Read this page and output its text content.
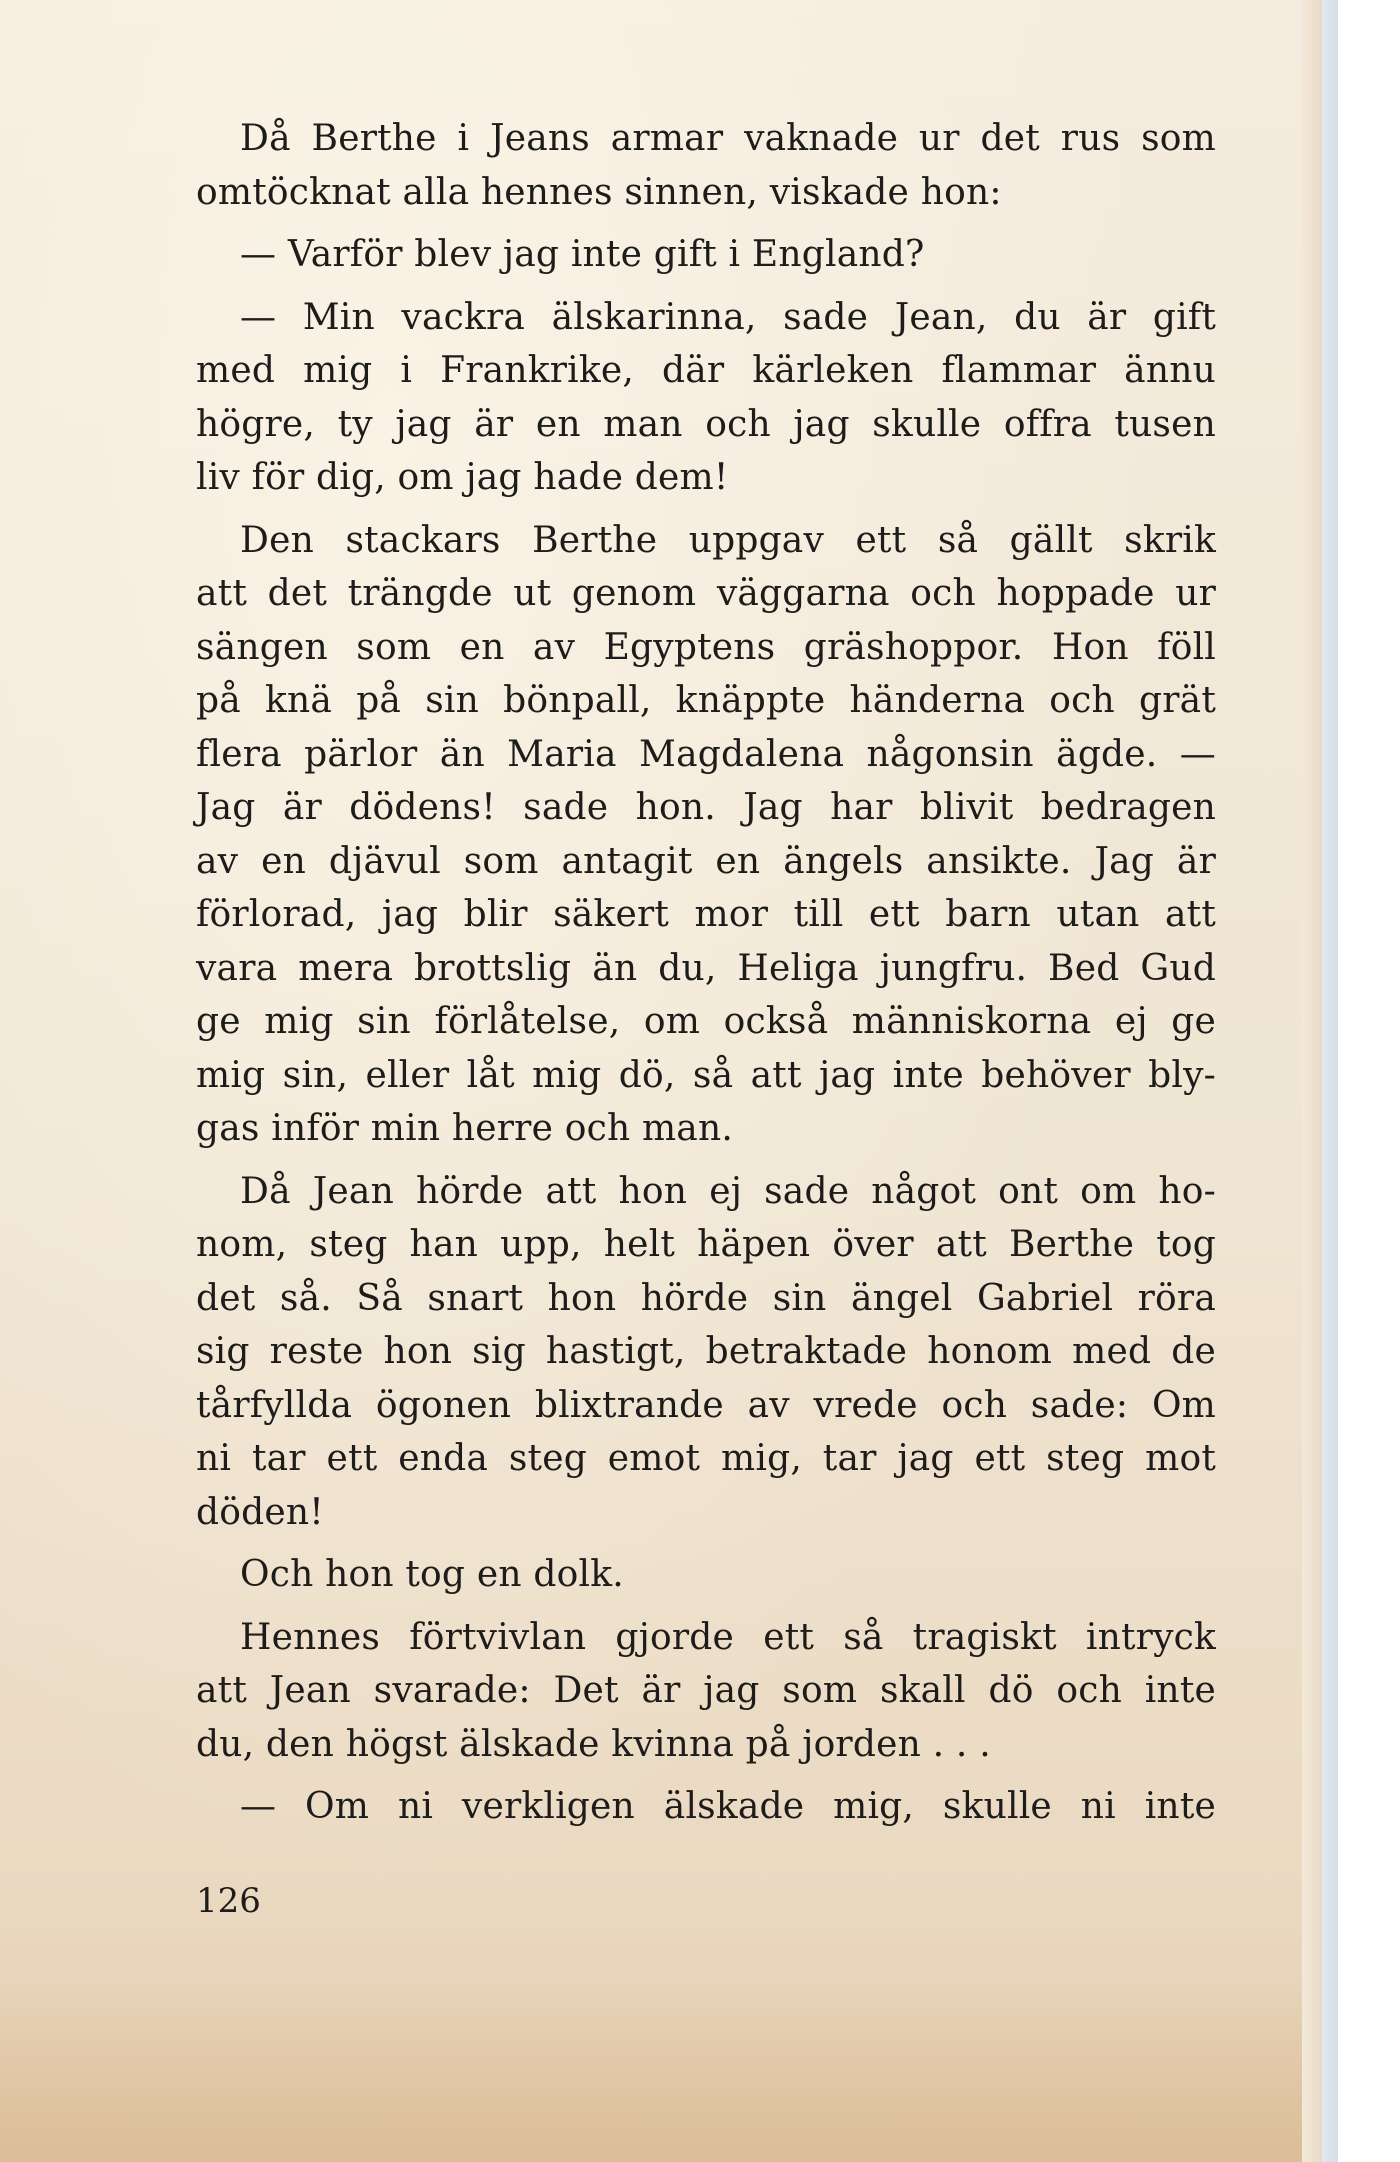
Då Berthe i Jeans armar vaknade ur det rus som
omtöcknat alla hennes sinnen, viskade hon:
— Varför blev jag inte gift i England?
— Min vackra älskarinna, sade Jean, du är gift
med mig i Frankrike, där kärleken flammar ännu
högre, ty jag är en man och jag skulle offra tusen
liv för dig, om jag hade dem!
Den stackars Berthe uppgav ett så gällt skrik
att det trängde ut genom väggarna och hoppade ur
sängen som en av Egyptens gräshoppor. Hon föll
på knä på sin bönpall, knäppte händerna och grät
flera pärlor än Maria Magdalena någonsin ägde. —
Jag är dödens! sade hon. Jag har blivit bedragen
av en djävul som antagit en ängels ansikte. Jag är
förlorad, jag blir säkert mor till ett barn utan att
vara mera brottslig än du, Heliga jungfru. Bed Gud
ge mig sin förlåtelse, om också människorna ej ge
mig sin, eller låt mig dö, så att jag inte behöver bly-
gas inför min herre och man.
Då Jean hörde att hon ej sade något ont om ho-
nom, steg han upp, helt häpen över att Berthe tog
det så. Så snart hon hörde sin ängel Gabriel röra
sig reste hon sig hastigt, betraktade honom med de
tårfyllda ögonen blixtrande av vrede och sade: Om
ni tar ett enda steg emot mig, tar jag ett steg mot
döden!
Och hon tog en dolk.
Hennes förtvivlan gjorde ett så tragiskt intryck
att Jean svarade: Det är jag som skall dö och inte
du, den högst älskade kvinna på jorden . . .
— Om ni verkligen älskade mig, skulle ni inte
126
